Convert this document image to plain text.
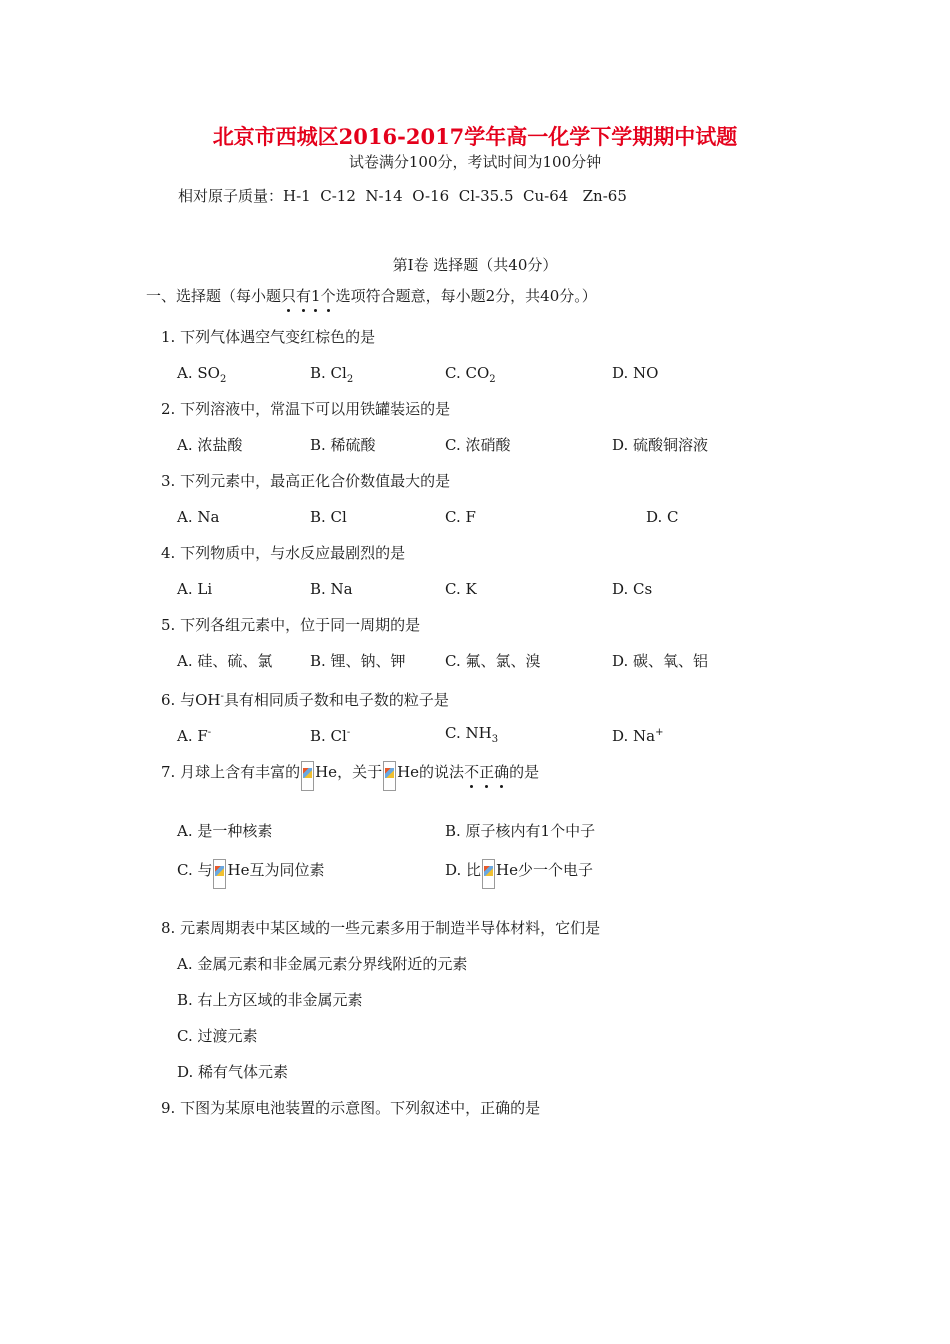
北京市西城区2016-2017学年高一化学下学期期中试题
试卷满分100分，考试时间为100分钟
相对原子质量：H-1  C-12  N-14  O-16  Cl-35.5  Cu-64   Zn-65
第Ⅰ卷 选择题（共40分）
一、选择题（每小题只有1个选项符合题意，每小题2分，共40分。）
1. 下列气体遇空气变红棕色的是
A. $SO_2$	B. $Cl_2$	C. $CO_2$	D. NO
2. 下列溶液中，常温下可以用铁罐装运的是
A. 浓盐酸	B. 稀硫酸	C. 浓硝酸	D. 硫酸铜溶液
3. 下列元素中，最高正化合价数值最大的是
A. Na	B. Cl	C. F	D. C
4. 下列物质中，与水反应最剧烈的是
A. Li	B. Na	C. K	D. Cs
5. 下列各组元素中，位于同一周期的是
A. 硅、硫、氯	B. 锂、钠、钾	C. 氟、氯、溴	D. 碳、氧、铝
6. 与OH-具有相同质子数和电子数的粒子是
A. F-	B. Cl-	C. $NH_3$	D. Na+
7. 月球上含有丰富的 He，关于 He的说法不正确的是
A. 是一种核素	B. 原子核内有1个中子
C. 与 He互为同位素	D. 比 He少一个电子
8. 元素周期表中某区域的一些元素多用于制造半导体材料，它们是
A. 金属元素和非金属元素分界线附近的元素
B. 右上方区域的非金属元素
C. 过渡元素
D. 稀有气体元素
9. 下图为某原电池装置的示意图。下列叙述中，正确的是
